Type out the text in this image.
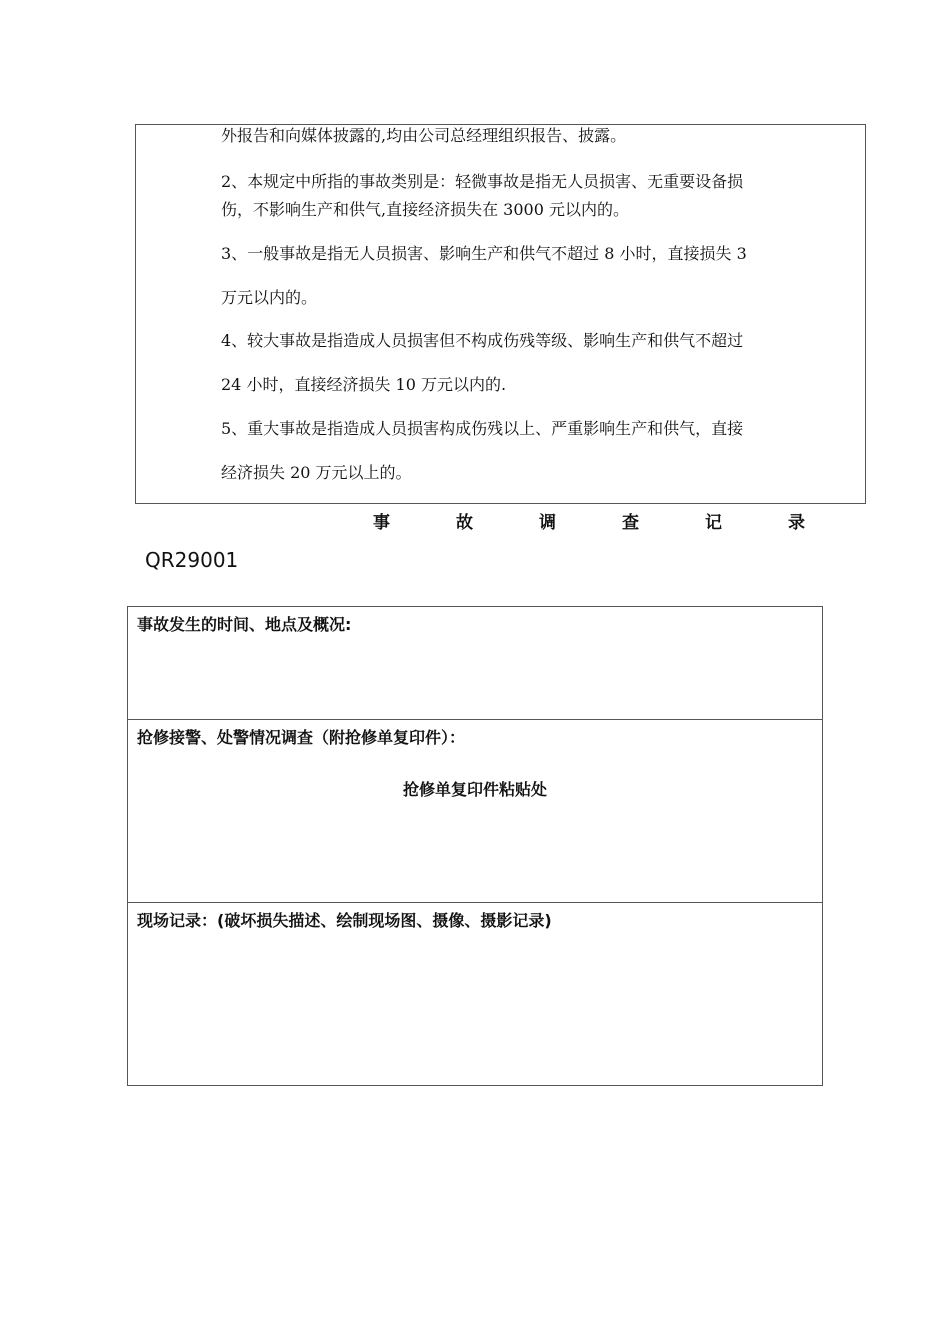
外报告和向媒体披露的,均由公司总经理组织报告、披露。
2、本规定中所指的事故类别是：轻微事故是指无人员损害、无重要设备损
伤，不影响生产和供气,直接经济损失在 3000 元以内的。
3、一般事故是指无人员损害、影响生产和供气不超过 8 小时，直接损失 3
万元以内的。
4、较大事故是指造成人员损害但不构成伤残等级、影响生产和供气不超过
24 小时，直接经济损失 10 万元以内的.
5、重大事故是指造成人员损害构成伤残以上、严重影响生产和供气，直接
经济损失 20 万元以上的。
事	故	调	查	记	录
QR29001
事故发生的时间、地点及概况:
抢修接警、处警情况调查（附抢修单复印件）：
抢修单复印件粘贴处
现场记录：(破坏损失描述、绘制现场图、摄像、摄影记录)
